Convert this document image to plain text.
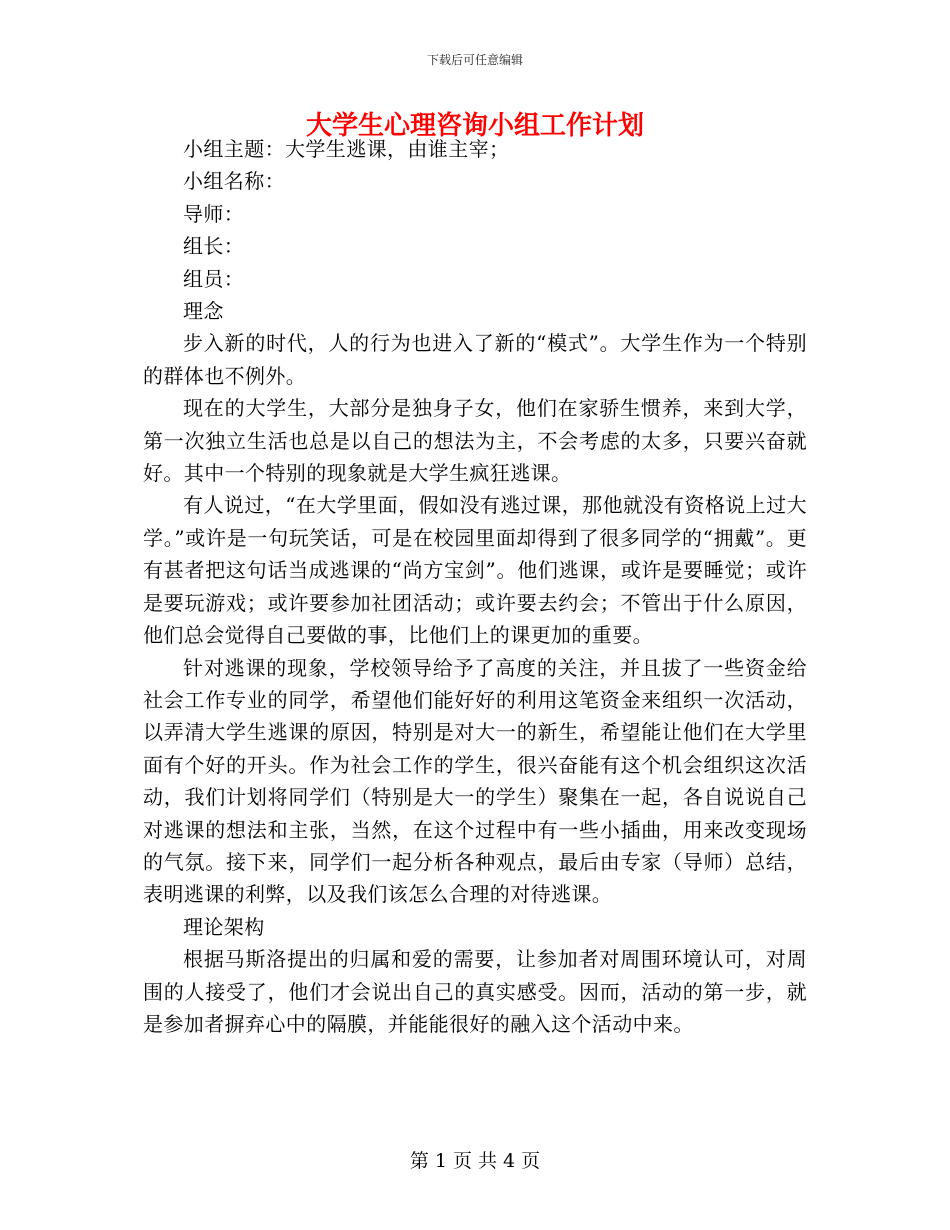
下载后可任意编辑
大学生心理咨询小组工作计划

小组主题：大学生逃课，由谁主宰；

小组名称：

导师：

组长：

组员：

理念

步入新的时代，人的行为也进入了新的“模式”。大学生作为一个特别的群体也不例外。

现在的大学生，大部分是独身子女，他们在家骄生惯养，来到大学，第一次独立生活也总是以自己的想法为主，不会考虑的太多，只要兴奋就好。其中一个特别的现象就是大学生疯狂逃课。

有人说过，“在大学里面，假如没有逃过课，那他就没有资格说上过大学。”或许是一句玩笑话，可是在校园里面却得到了很多同学的“拥戴”。更有甚者把这句话当成逃课的“尚方宝剑”。他们逃课，或许是要睡觉；或许是要玩游戏；或许要参加社团活动；或许要去约会；不管出于什么原因，他们总会觉得自己要做的事，比他们上的课更加的重要。

针对逃课的现象，学校领导给予了高度的关注，并且拔了一些资金给社会工作专业的同学，希望他们能好好的利用这笔资金来组织一次活动，以弄清大学生逃课的原因，特别是对大一的新生，希望能让他们在大学里面有个好的开头。作为社会工作的学生，很兴奋能有这个机会组织这次活动，我们计划将同学们（特别是大一的学生）聚集在一起，各自说说自己对逃课的想法和主张，当然，在这个过程中有一些小插曲，用来改变现场的气氛。接下来，同学们一起分析各种观点，最后由专家（导师）总结，表明逃课的利弊，以及我们该怎么合理的对待逃课。

理论架构

根据马斯洛提出的归属和爱的需要，让参加者对周围环境认可，对周围的人接受了，他们才会说出自己的真实感受。因而，活动的第一步，就是参加者摒弃心中的隔膜，并能能很好的融入这个活动中来。

第 1 页 共 4 页
